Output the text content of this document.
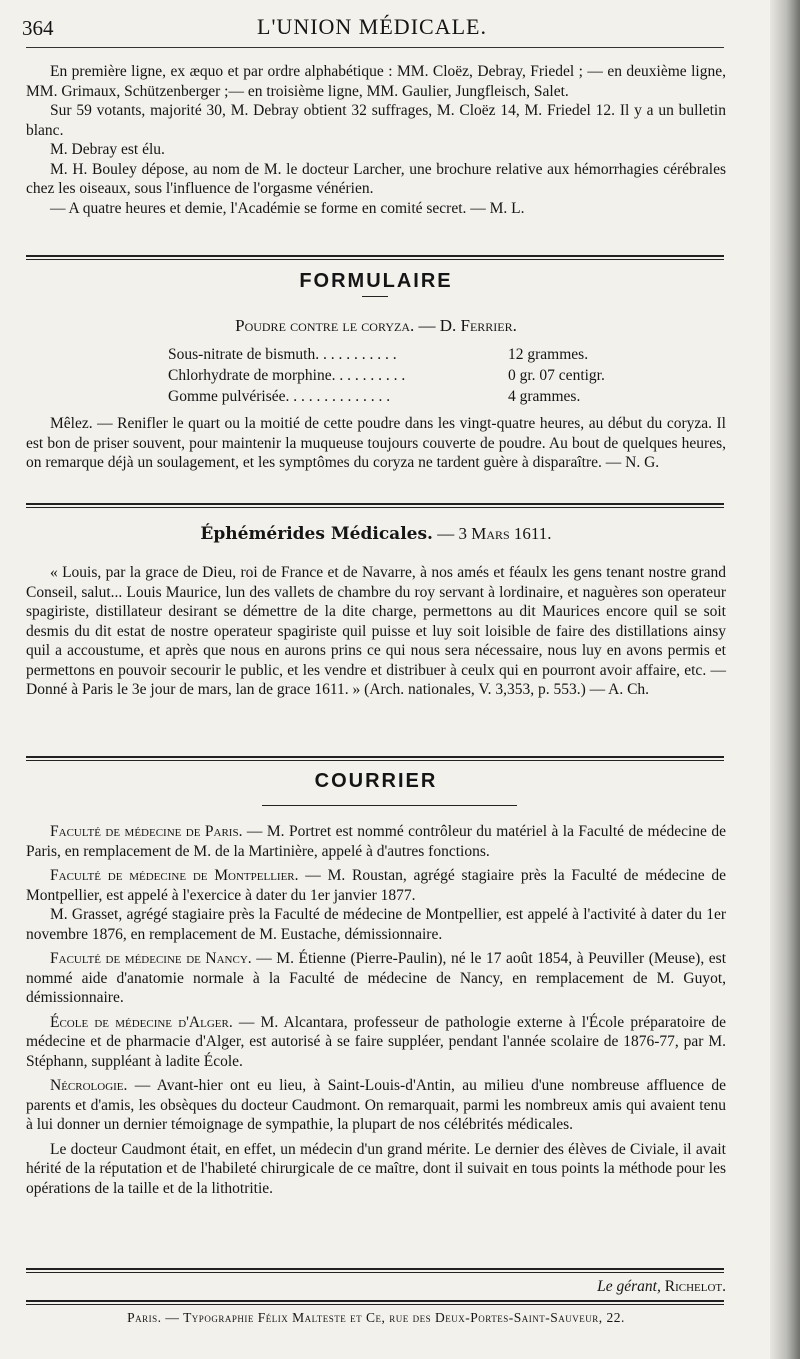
364	L'UNION MÉDICALE.

En première ligne, ex æquo et par ordre alphabétique : MM. Cloëz, Debray, Friedel ; — en deuxième ligne, MM. Grimaux, Schützenberger ;— en troisième ligne, MM. Gaulier, Jungfleisch, Salet.

Sur 59 votants, majorité 30, M. Debray obtient 32 suffrages, M. Cloëz 14, M. Friedel 12. Il y a un bulletin blanc.

M. Debray est élu.

M. H. Bouley dépose, au nom de M. le docteur Larcher, une brochure relative aux hémorrhagies cérébrales chez les oiseaux, sous l'influence de l'orgasme vénérien.

— A quatre heures et demie, l'Académie se forme en comité secret. — M. L.

FORMULAIRE
Poudre contre le coryza. — D. Ferrier.
Sous-nitrate de bismuth. . . . . . . . . . .	12 grammes.
Chlorhydrate de morphine. . . . . . . . . .	0 gr. 07 centigr.
Gomme pulvérisée. . . . . . . . . . . . . .	4 grammes.

Mêlez. — Renifler le quart ou la moitié de cette poudre dans les vingt-quatre heures, au début du coryza. Il est bon de priser souvent, pour maintenir la muqueuse toujours couverte de poudre. Au bout de quelques heures, on remarque déjà un soulagement, et les symptômes du coryza ne tardent guère à disparaître. — N. G.

Éphémérides Médicales. — 3 Mars 1611.

« Louis, par la grace de Dieu, roi de France et de Navarre, à nos amés et féaulx les gens tenant nostre grand Conseil, salut... Louis Maurice, lun des vallets de chambre du roy servant à lordinaire, et naguères son operateur spagiriste, distillateur desirant se démettre de la dite charge, permettons au dit Maurices encore quil se soit desmis du dit estat de nostre operateur spagiriste quil puisse et luy soit loisible de faire des distillations ainsy quil a accoustume, et après que nous en aurons prins ce qui nous sera nécessaire, nous luy en avons permis et permettons en pouvoir secourir le public, et les vendre et distribuer à ceulx qui en pourront avoir affaire, etc. — Donné à Paris le 3e jour de mars, lan de grace 1611. » (Arch. nationales, V. 3,353, p. 553.) — A. Ch.

COURRIER

Faculté de médecine de Paris. — M. Portret est nommé contrôleur du matériel à la Faculté de médecine de Paris, en remplacement de M. de la Martinière, appelé à d'autres fonctions.

Faculté de médecine de Montpellier. — M. Roustan, agrégé stagiaire près la Faculté de médecine de Montpellier, est appelé à l'exercice à dater du 1er janvier 1877.

M. Grasset, agrégé stagiaire près la Faculté de médecine de Montpellier, est appelé à l'activité à dater du 1er novembre 1876, en remplacement de M. Eustache, démissionnaire.

Faculté de médecine de Nancy. — M. Étienne (Pierre-Paulin), né le 17 août 1854, à Peuviller (Meuse), est nommé aide d'anatomie normale à la Faculté de médecine de Nancy, en remplacement de M. Guyot, démissionnaire.

École de médecine d'Alger. — M. Alcantara, professeur de pathologie externe à l'École préparatoire de médecine et de pharmacie d'Alger, est autorisé à se faire suppléer, pendant l'année scolaire de 1876-77, par M. Stéphann, suppléant à ladite École.

Nécrologie. — Avant-hier ont eu lieu, à Saint-Louis-d'Antin, au milieu d'une nombreuse affluence de parents et d'amis, les obsèques du docteur Caudmont. On remarquait, parmi les nombreux amis qui avaient tenu à lui donner un dernier témoignage de sympathie, la plupart de nos célébrités médicales.

Le docteur Caudmont était, en effet, un médecin d'un grand mérite. Le dernier des élèves de Civiale, il avait hérité de la réputation et de l'habileté chirurgicale de ce maître, dont il suivait en tous points la méthode pour les opérations de la taille et de la lithotritie.

Le gérant, Richelot.
Paris. — Typographie Félix Malteste et Ce, rue des Deux-Portes-Saint-Sauveur, 22.
